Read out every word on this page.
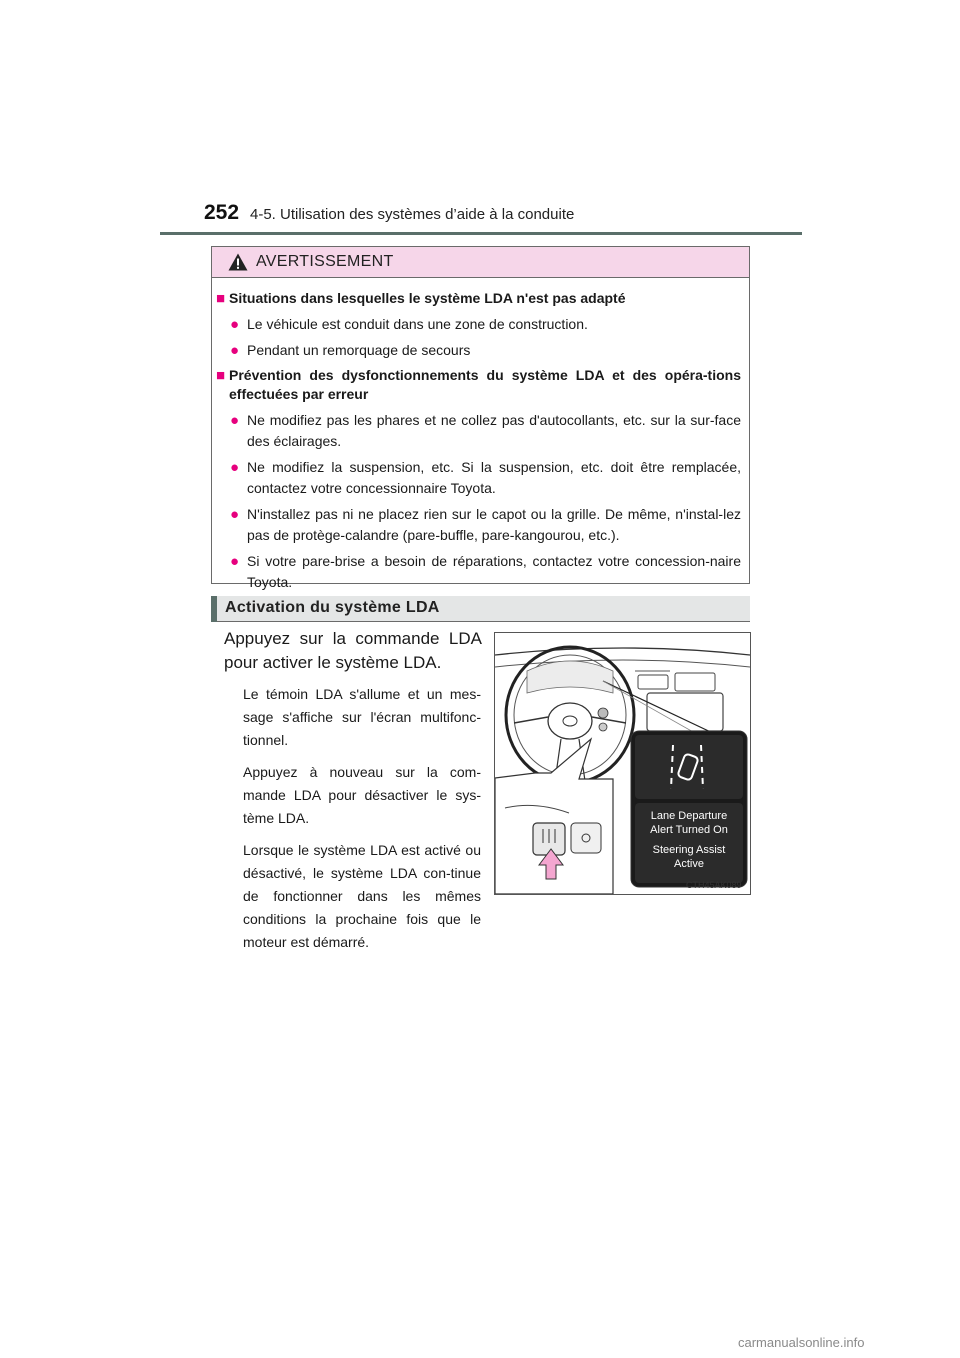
252 4-5. Utilisation des systèmes d’aide à la conduite
AVERTISSEMENT
■ Situations dans lesquelles le système LDA n'est pas adapté
● Le véhicule est conduit dans une zone de construction.
● Pendant un remorquage de secours
■ Prévention des dysfonctionnements du système LDA et des opéra-tions effectuées par erreur
● Ne modifiez pas les phares et ne collez pas d'autocollants, etc. sur la sur-face des éclairages.
● Ne modifiez la suspension, etc. Si la suspension, etc. doit être remplacée, contactez votre concessionnaire Toyota.
● N'installez pas ni ne placez rien sur le capot ou la grille. De même, n'instal-lez pas de protège-calandre (pare-buffle, pare-kangourou, etc.).
● Si votre pare-brise a besoin de réparations, contactez votre concession-naire Toyota.
Activation du système LDA
Appuyez sur la commande LDA pour activer le système LDA.
Le témoin LDA s'allume et un mes-sage s'affiche sur l'écran multifonc-tionnel.
Appuyez à nouveau sur la com-mande LDA pour désactiver le sys-tème LDA.
Lorsque le système LDA est activé ou désactivé, le système LDA con-tinue de fonctionner dans les mêmes conditions la prochaine fois que le moteur est démarré.
Lane Departure
Alert Turned On
Steering Assist
Active
CTH45AK089
carmanualsonline.info
